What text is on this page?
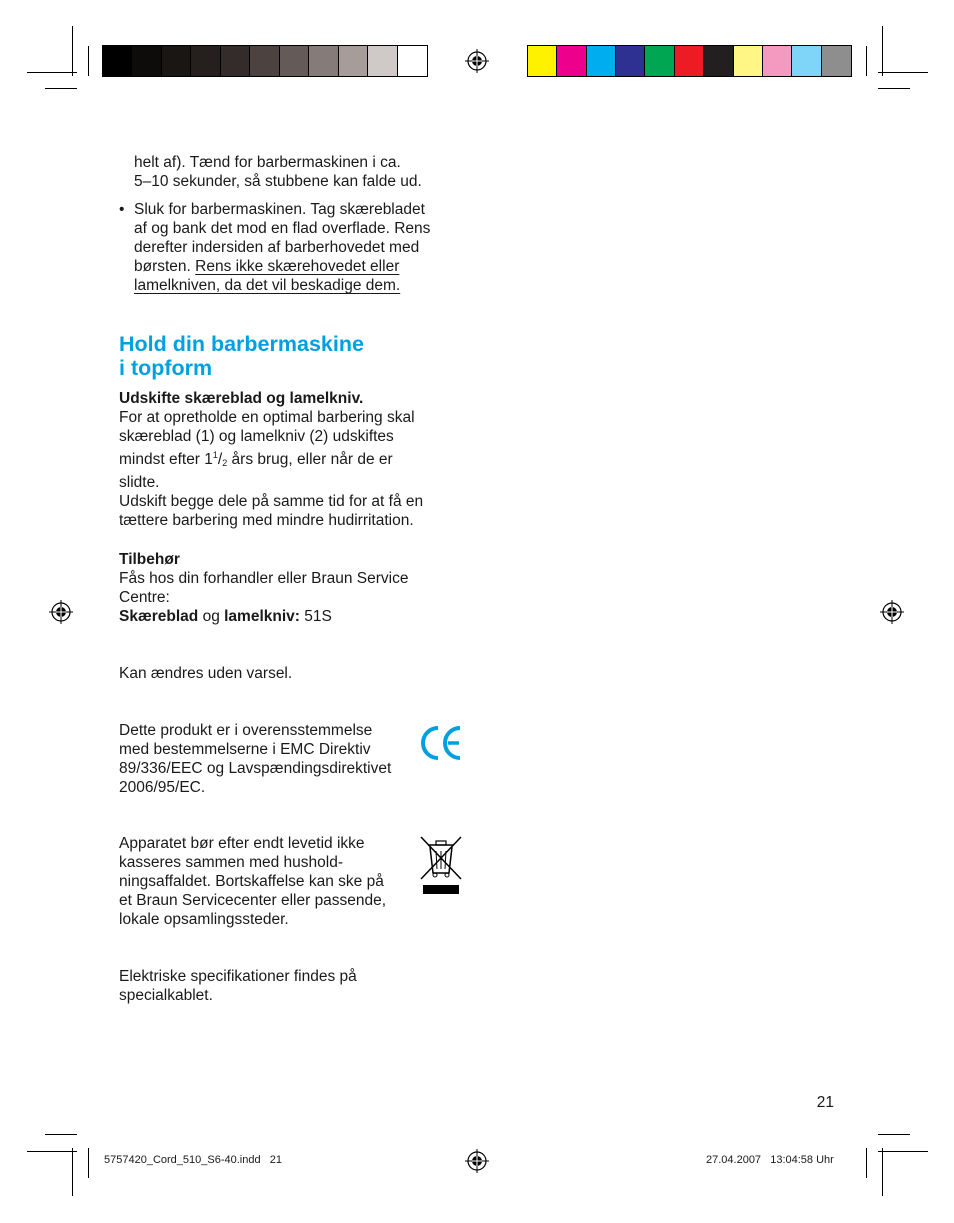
helt af). Tænd for barbermaskinen i ca.
5–10 sekunder, så stubbene kan falde ud.
• Sluk for barbermaskinen. Tag skærebladet
af og bank det mod en flad overflade. Rens
derefter indersiden af barberhovedet med
børsten. Rens ikke skærehovedet eller
lamelkniven, da det vil beskadige dem.
Hold din barbermaskine
i topform
Udskifte skæreblad og lamelkniv.
For at opretholde en optimal barbering skal
skæreblad (1) og lamelkniv (2) udskiftes
mindst efter $1^1/_2$ års brug, eller når de er
slidte.
Udskift begge dele på samme tid for at få en
tættere barbering med mindre hudirritation.
Tilbehør
Fås hos din forhandler eller Braun Service
Centre:
Skæreblad og lamelkniv: 51S
Kan ændres uden varsel.
Dette produkt er i overensstemmelse
med bestemmelserne i EMC Direktiv
89/336/EEC og Lavspændingsdirektivet
2006/95/EC.
Apparatet bør efter endt levetid ikke
kasseres sammen med hushold-
ningsaffaldet. Bortskaffelse kan ske på
et Braun Servicecenter eller passende,
lokale opsamlingssteder.
Elektriske specifikationer findes på
specialkablet.
21
5757420_Cord_510_S6-40.indd   21	27.04.2007   13:04:58 Uhr
